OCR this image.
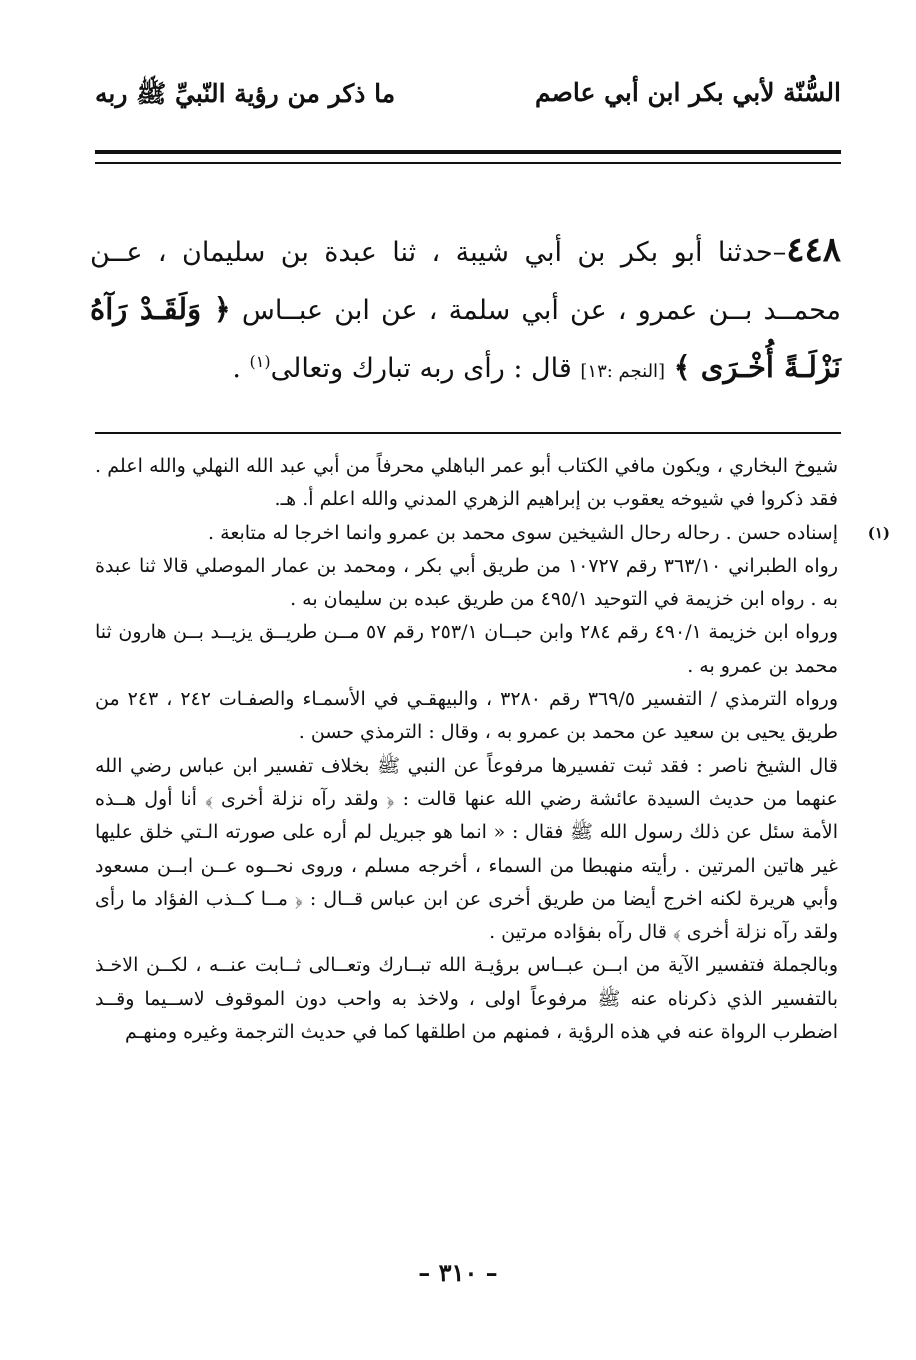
السُّنّة لأبي بكر ابن أبي عاصم
ما ذكر من رؤية النّبيِّ ﷺ ربه
٤٤٨–حدثنا أبو بكر بن أبي شيبة ، ثنا عبدة بن سليمان ، عــن محمــد بــن عمرو ، عن أبي سلمة ، عن ابن عبــاس ﴿ وَلَقَـدْ رَآهُ نَزْلَـةً أُخْـرَى ﴾ [النجم :١٣] قال : رأى ربه تبارك وتعالى$^{(١)}$ .

شيوخ البخاري ، ويكون مافي الكتاب أبو عمر الباهلي محرفاً من أبي عبد الله النهلي والله اعلم . فقد ذكروا في شيوخه يعقوب بن إبراهيم الزهري المدني والله اعلم أ. هـ.

(١)
إسناده حسن . رحاله رحال الشيخين سوى محمد بن عمرو وانما اخرجا له متابعة .

رواه الطبراني ٣٦٣/١٠ رقم ١٠٧٢٧ من طريق أبي بكر ، ومحمد بن عمار الموصلي قالا ثنا عبدة به . رواه ابن خزيمة في التوحيد ٤٩٥/١ من طريق عبده بن سليمان به .

ورواه ابن خزيمة ٤٩٠/١ رقم ٢٨٤ وابن حبــان ٢٥٣/١ رقم ٥٧ مــن طريــق يزيــد بــن هارون ثنا محمد بن عمرو به .

ورواه الترمذي / التفسير ٣٦٩/٥ رقم ٣٢٨٠ ، والبيهقـي في الأسمـاء والصفـات ٢٤٢ ، ٢٤٣ من طريق يحيى بن سعيد عن محمد بن عمرو به ، وقال : الترمذي حسن .

قال الشيخ ناصر : فقد ثبت تفسيرها مرفوعاً عن النبي ﷺ بخلاف تفسير ابن عباس رضي الله عنهما من حديث السيدة عائشة رضي الله عنها قالت : ﴿ ولقد رآه نزلة أخرى ﴾ أنا أول هــذه الأمة سئل عن ذلك رسول الله ﷺ فقال : « انما هو جبريل لم أره على صورته الـتي خلق عليها غير هاتين المرتين . رأيته منهبطا من السماء ، أخرجه مسلم ، وروى نحــوه عــن ابــن مسعود وأبي هريرة لكنه اخرج أيضا من طريق أخرى عن ابن عباس قــال : ﴿ مــا كــذب الفؤاد ما رأى ولقد رآه نزلة أخرى ﴾ قال رآه بفؤاده مرتين .

وبالجملة فتفسير الآية من ابــن عبــاس برؤيـة الله تبــارك وتعــالى ثــابت عنــه ، لكــن الاخـذ بالتفسير الذي ذكرناه عنه ﷺ مرفوعاً اولى ، ولاخذ به واحب دون الموقوف لاســيما وقــد اضطرب الرواة عنه في هذه الرؤية ، فمنهم من اطلقها كما في حديث الترجمة وغيره ومنهـم

– ٣١٠ –
